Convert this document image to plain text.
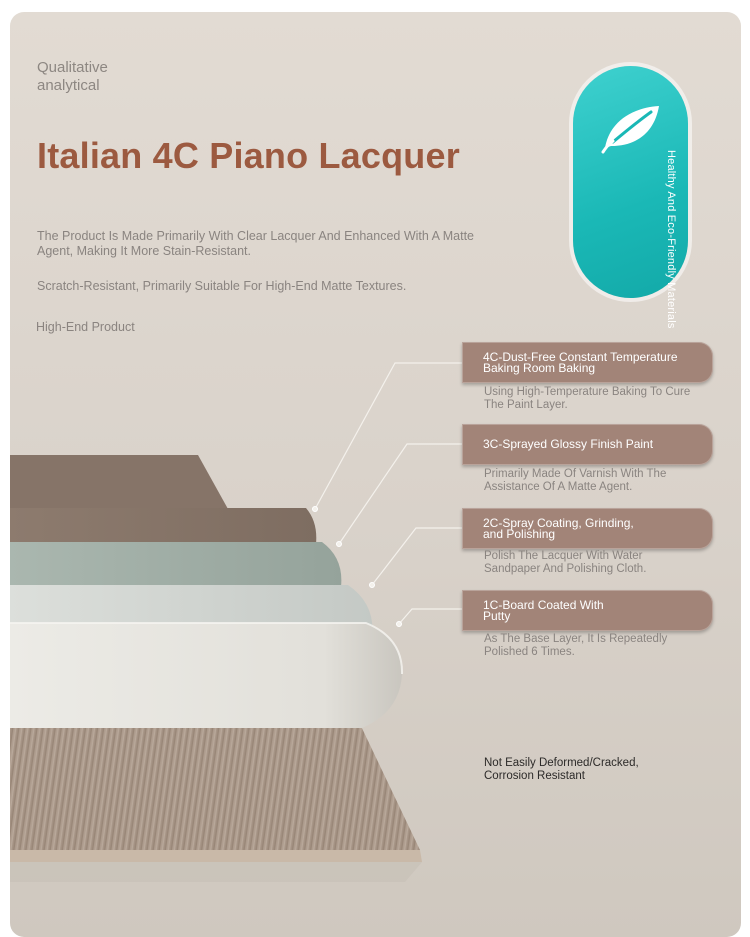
Qualitative
analytical
Italian 4C Piano Lacquer
The Product Is Made Primarily With Clear Lacquer And Enhanced With A Matte Agent, Making It More Stain-Resistant.
Scratch-Resistant, Primarily Suitable For High-End Matte Textures.
High-End Product	Healthy And Eco-Friendly Materials
4C-Dust-Free Constant Temperature Baking Room Baking
Using High-Temperature Baking To Cure The Paint Layer.
3C-Sprayed Glossy Finish Paint
Primarily Made Of Varnish With The Assistance Of A Matte Agent.
2C-Spray Coating, Grinding, and Polishing
Polish The Lacquer With Water Sandpaper And Polishing Cloth.
1C-Board Coated With Putty
As The Base Layer, It Is Repeatedly Polished 6 Times.
Not Easily Deformed/Cracked, Corrosion Resistant
